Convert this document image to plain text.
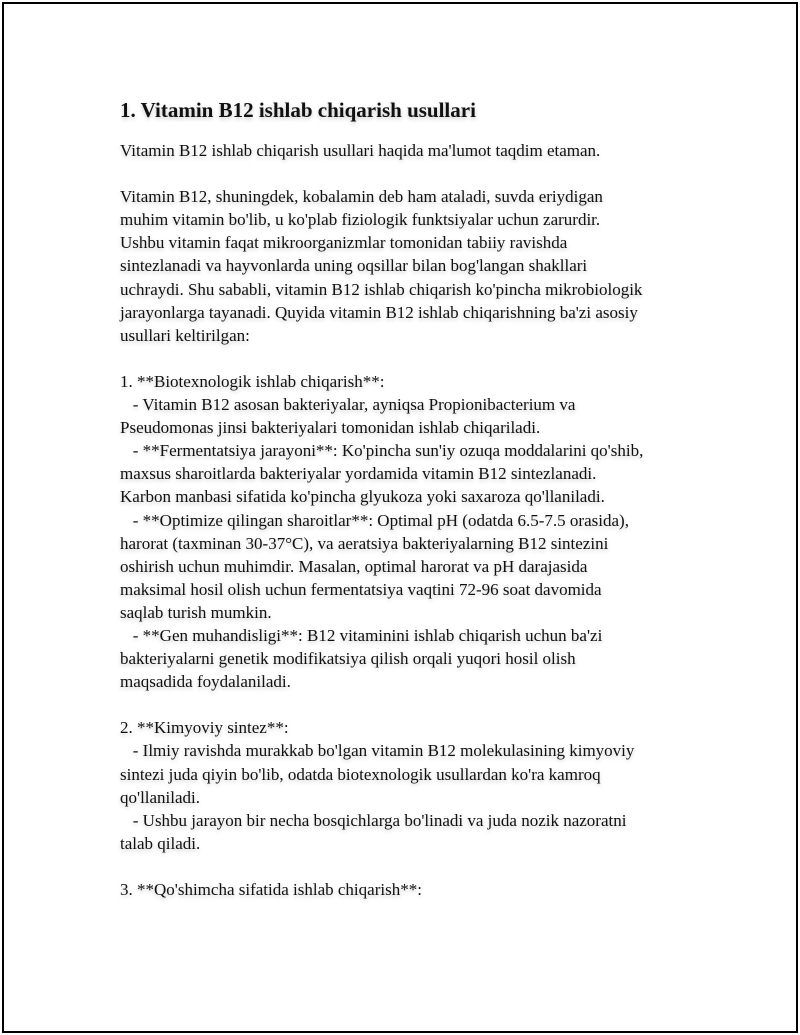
1. Vitamin B12 ishlab chiqarish usullari
Vitamin B12 ishlab chiqarish usullari haqida ma'lumot taqdim etaman.

Vitamin B12, shuningdek, kobalamin deb ham ataladi, suvda eriydigan
muhim vitamin bo'lib, u ko'plab fiziologik funktsiyalar uchun zarurdir.
Ushbu vitamin faqat mikroorganizmlar tomonidan tabiiy ravishda
sintezlanadi va hayvonlarda uning oqsillar bilan bog'langan shakllari
uchraydi. Shu sababli, vitamin B12 ishlab chiqarish ko'pincha mikrobiologik
jarayonlarga tayanadi. Quyida vitamin B12 ishlab chiqarishning ba'zi asosiy
usullari keltirilgan:

1. **Biotexnologik ishlab chiqarish**:
- Vitamin B12 asosan bakteriyalar, ayniqsa Propionibacterium va
Pseudomonas jinsi bakteriyalari tomonidan ishlab chiqariladi.
- **Fermentatsiya jarayoni**: Ko'pincha sun'iy ozuqa moddalarini qo'shib,
maxsus sharoitlarda bakteriyalar yordamida vitamin B12 sintezlanadi.
Karbon manbasi sifatida ko'pincha glyukoza yoki saxaroza qo'llaniladi.
- **Optimize qilingan sharoitlar**: Optimal pH (odatda 6.5-7.5 orasida),
harorat (taxminan 30-37°C), va aeratsiya bakteriyalarning B12 sintezini
oshirish uchun muhimdir. Masalan, optimal harorat va pH darajasida
maksimal hosil olish uchun fermentatsiya vaqtini 72-96 soat davomida
saqlab turish mumkin.
- **Gen muhandisligi**: B12 vitaminini ishlab chiqarish uchun ba'zi
bakteriyalarni genetik modifikatsiya qilish orqali yuqori hosil olish
maqsadida foydalaniladi.

2. **Kimyoviy sintez**:
- Ilmiy ravishda murakkab bo'lgan vitamin B12 molekulasining kimyoviy
sintezi juda qiyin bo'lib, odatda biotexnologik usullardan ko'ra kamroq
qo'llaniladi.
- Ushbu jarayon bir necha bosqichlarga bo'linadi va juda nozik nazoratni
talab qiladi.

3. **Qo'shimcha sifatida ishlab chiqarish**:
